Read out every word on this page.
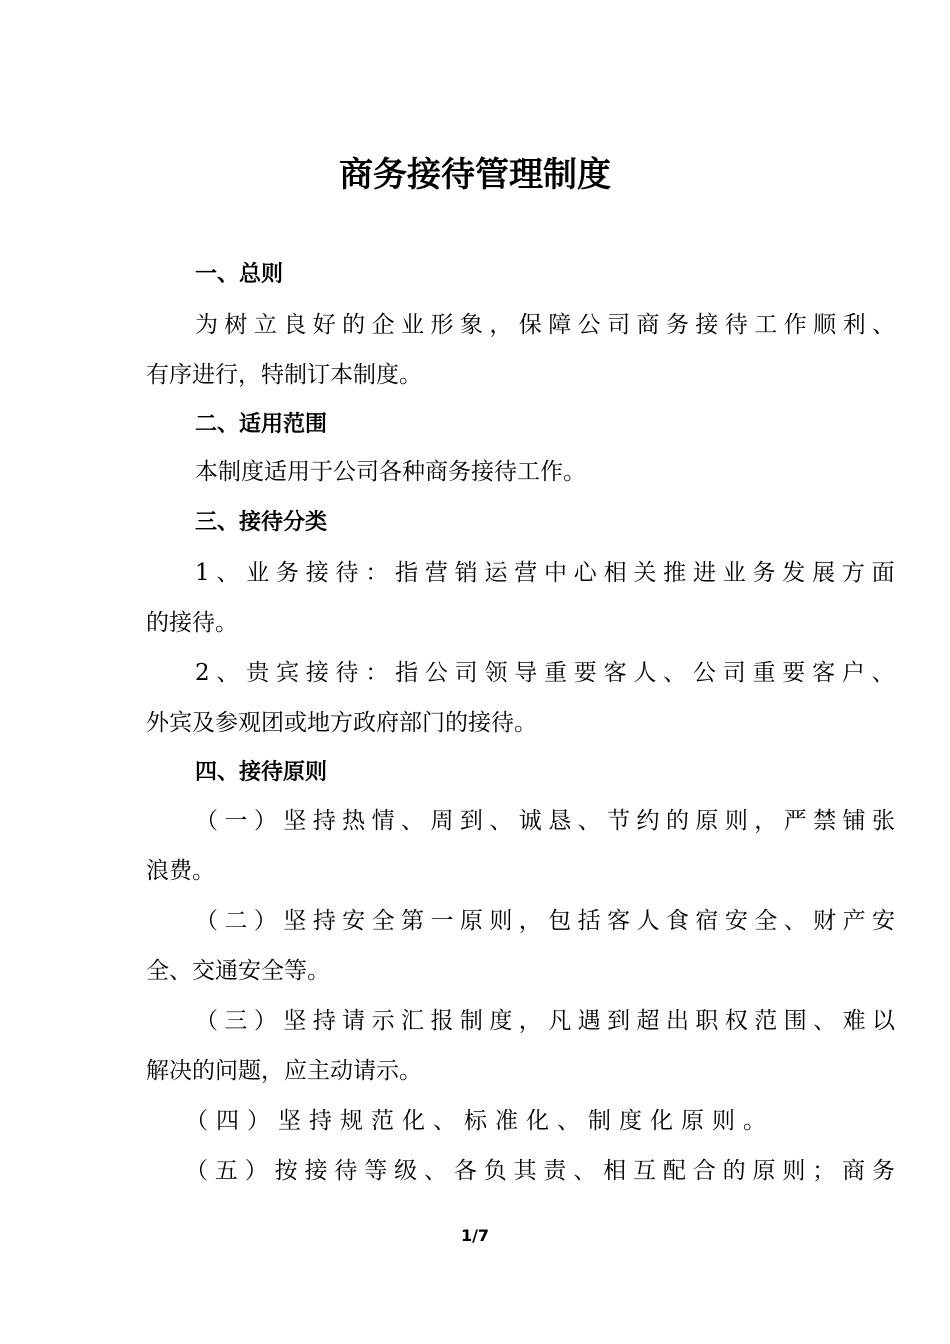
商务接待管理制度
一、总则
为树立良好的企业形象，保障公司商务接待工作顺利、
有序进行，特制订本制度。
二、适用范围
本制度适用于公司各种商务接待工作。
三、接待分类
1、业务接待：指营销运营中心相关推进业务发展方面
的接待。
2、贵宾接待：指公司领导重要客人、公司重要客户、
外宾及参观团或地方政府部门的接待。
四、接待原则
（一）坚持热情、周到、诚恳、节约的原则，严禁铺张
浪费。
（二）坚持安全第一原则，包括客人食宿安全、财产安
全、交通安全等。
（三）坚持请示汇报制度，凡遇到超出职权范围、难以
解决的问题，应主动请示。
（四）坚持规范化、标准化、制度化原则。
（五）按接待等级、各负其责、相互配合的原则；商务
1/7
